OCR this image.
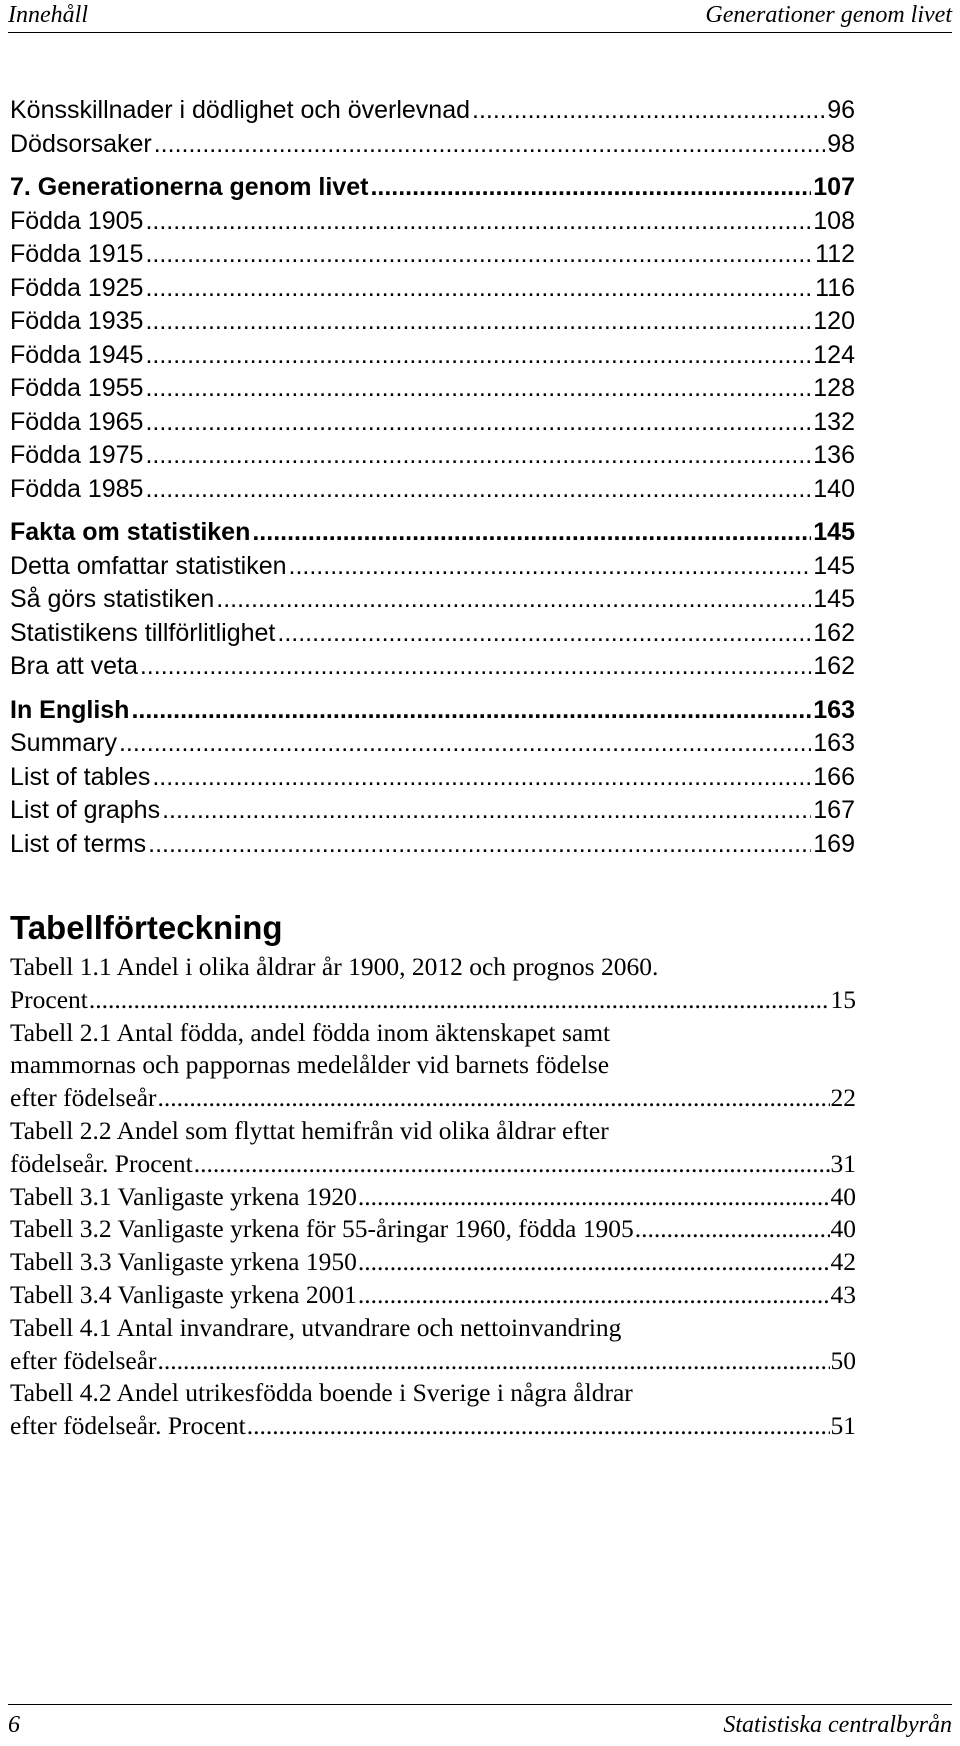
Innehåll	Generationer genom livet
Könsskillnader i dödlighet och överlevnad .....	96
Dödsorsaker .....	98
7. Generationerna genom livet .....	107
Födda 1905 .....	108
Födda 1915 .....	112
Födda 1925 .....	116
Födda 1935 .....	120
Födda 1945 .....	124
Födda 1955 .....	128
Födda 1965 .....	132
Födda 1975 .....	136
Födda 1985 .....	140
Fakta om statistiken .....	145
Detta omfattar statistiken .....	145
Så görs statistiken .....	145
Statistikens tillförlitlighet .....	162
Bra att veta .....	162
In English .....	163
Summary .....	163
List of tables .....	166
List of graphs .....	167
List of terms .....	169
Tabellförteckning
Tabell 1.1 Andel i olika åldrar år 1900, 2012 och prognos 2060.
Procent .....	15
Tabell 2.1 Antal födda, andel födda inom äktenskapet samt
mammornas och pappornas medelålder vid barnets födelse
efter födelseår .....	22
Tabell 2.2 Andel som flyttat hemifrån vid olika åldrar efter
födelseår. Procent .....	31
Tabell 3.1 Vanligaste yrkena 1920 .....	40
Tabell 3.2 Vanligaste yrkena för 55-åringar 1960, födda 1905 .....	40
Tabell 3.3 Vanligaste yrkena 1950 .....	42
Tabell 3.4 Vanligaste yrkena 2001 .....	43
Tabell 4.1 Antal invandrare, utvandrare och nettoinvandring
efter födelseår .....	50
Tabell 4.2 Andel utrikesfödda boende i Sverige i några åldrar
efter födelseår. Procent .....	51
6	Statistiska centralbyrån
